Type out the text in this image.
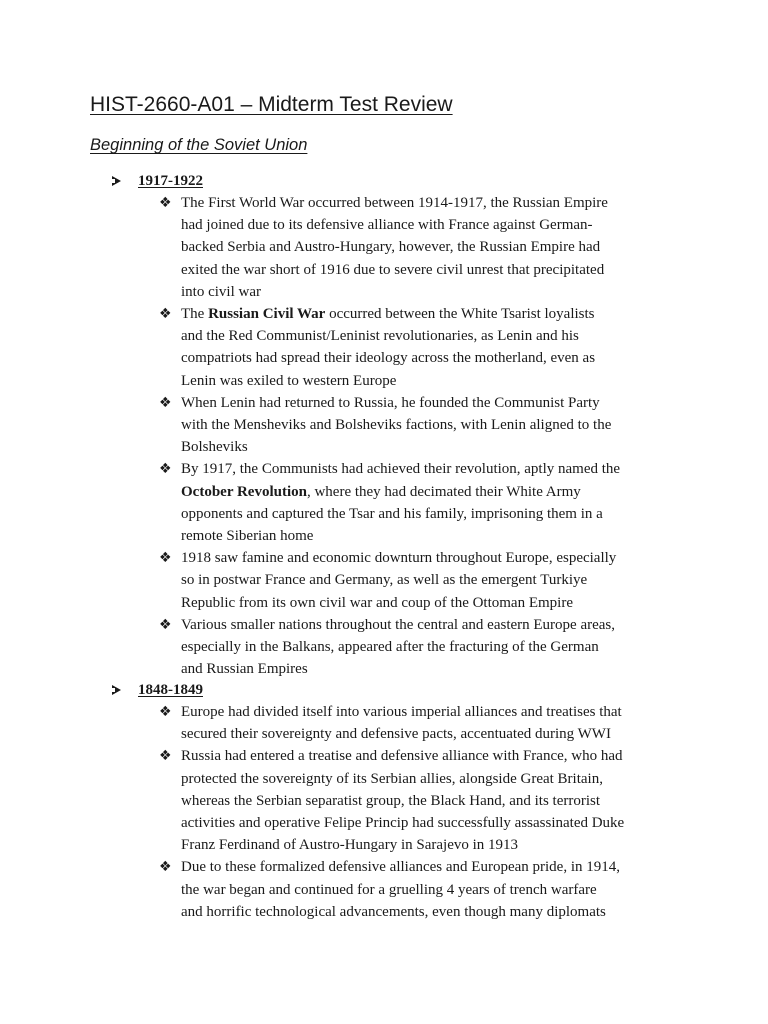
HIST-2660-A01 – Midterm Test Review
Beginning of the Soviet Union
1917-1922
❖ The First World War occurred between 1914-1917, the Russian Empire
had joined due to its defensive alliance with France against German-
backed Serbia and Austro-Hungary, however, the Russian Empire had
exited the war short of 1916 due to severe civil unrest that precipitated
into civil war
❖ The Russian Civil War occurred between the White Tsarist loyalists
and the Red Communist/Leninist revolutionaries, as Lenin and his
compatriots had spread their ideology across the motherland, even as
Lenin was exiled to western Europe
❖ When Lenin had returned to Russia, he founded the Communist Party
with the Mensheviks and Bolsheviks factions, with Lenin aligned to the
Bolsheviks
❖ By 1917, the Communists had achieved their revolution, aptly named the
October Revolution, where they had decimated their White Army
opponents and captured the Tsar and his family, imprisoning them in a
remote Siberian home
❖ 1918 saw famine and economic downturn throughout Europe, especially
so in postwar France and Germany, as well as the emergent Turkiye
Republic from its own civil war and coup of the Ottoman Empire
❖ Various smaller nations throughout the central and eastern Europe areas,
especially in the Balkans, appeared after the fracturing of the German
and Russian Empires
1848-1849
❖ Europe had divided itself into various imperial alliances and treatises that
secured their sovereignty and defensive pacts, accentuated during WWI
❖ Russia had entered a treatise and defensive alliance with France, who had
protected the sovereignty of its Serbian allies, alongside Great Britain,
whereas the Serbian separatist group, the Black Hand, and its terrorist
activities and operative Felipe Princip had successfully assassinated Duke
Franz Ferdinand of Austro-Hungary in Sarajevo in 1913
❖ Due to these formalized defensive alliances and European pride, in 1914,
the war began and continued for a gruelling 4 years of trench warfare
and horrific technological advancements, even though many diplomats
